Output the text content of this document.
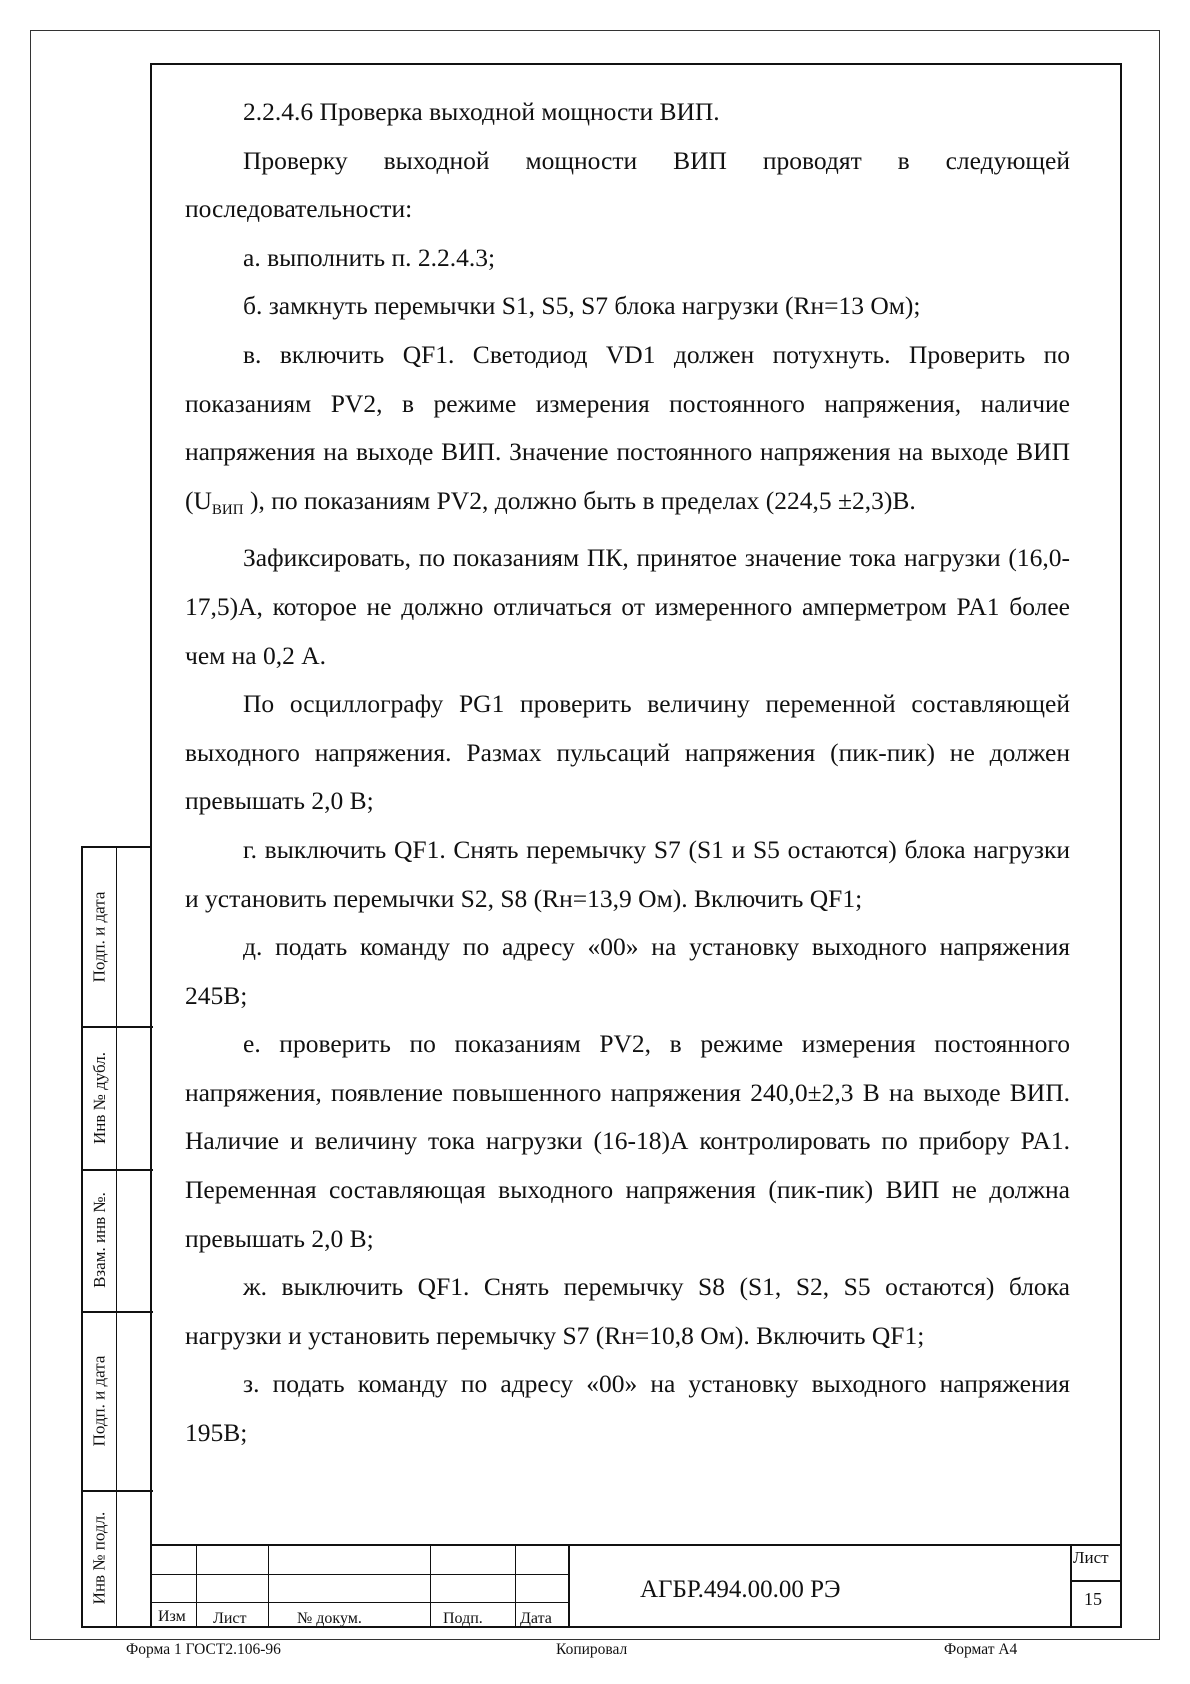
2.2.4.6 Проверка выходной мощности ВИП.

Проверку выходной мощности ВИП проводят в следующей последовательности:

а. выполнить п. 2.2.4.3;

б. замкнуть перемычки S1, S5, S7 блока нагрузки (Rн=13 Ом);

в. включить QF1. Светодиод VD1 должен потухнуть. Проверить по показаниям PV2, в режиме измерения постоянного напряжения, наличие напряжения на выходе ВИП. Значение постоянного напряжения на выходе ВИП ($U_{ВИП}$ ), по показаниям PV2, должно быть в пределах (224,5 ±2,3)В.

Зафиксировать, по показаниям ПК, принятое значение тока нагрузки (16,0-17,5)А, которое не должно отличаться от измеренного амперметром PA1 более чем на 0,2 А.

По осциллографу PG1 проверить величину переменной составляющей выходного напряжения. Размах пульсаций напряжения (пик-пик) не должен превышать 2,0 В;

г. выключить QF1. Снять перемычку S7 (S1 и S5 остаются) блока нагрузки и установить перемычки S2, S8 (Rн=13,9 Ом). Включить QF1;

д. подать команду по адресу «00» на установку выходного напряжения 245В;

е. проверить по показаниям PV2, в режиме измерения постоянного напряжения, появление повышенного напряжения 240,0±2,3 В на выходе ВИП. Наличие и величину тока нагрузки (16-18)А контролировать по прибору PA1. Переменная составляющая выходного напряжения (пик-пик) ВИП не должна превышать 2,0 В;

ж. выключить QF1. Снять перемычку S8 (S1, S2, S5 остаются) блока нагрузки и установить перемычку S7 (Rн=10,8 Ом). Включить QF1;

з. подать команду по адресу «00» на установку выходного напряжения 195В;

Подп. и дата
Инв № дубл.
Взам. инв №.
Подп. и дата
Инв № подл.
Изм Лист	№ докум.	Подп. Дата
АГБР.494.00.00 РЭ
Лист
15
Форма 1 ГОСТ2.106-96	Копировал	Формат А4
